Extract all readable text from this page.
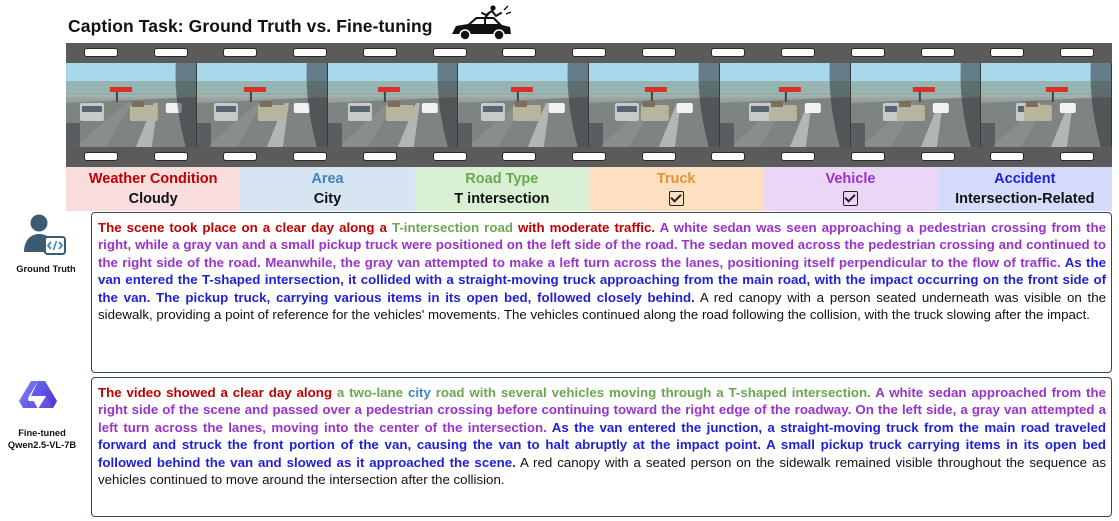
Caption Task: Ground Truth vs. Fine-tuning
Weather Condition
Cloudy
Area
City
Road Type
T intersection
Truck	Vehicle	Accident
Intersection-Related
Ground Truth
The scene took place on a clear day along a T-intersection road with moderate traffic. A white sedan was seen approaching a pedestrian crossing from the right, while a gray van and a small pickup truck were positioned on the left side of the road. The sedan moved across the pedestrian crossing and continued to the right side of the road. Meanwhile, the gray van attempted to make a left turn across the lanes, positioning itself perpendicular to the flow of traffic. As the van entered the T-shaped intersection, it collided with a straight-moving truck approaching from the main road, with the impact occurring on the front side of the van. The pickup truck, carrying various items in its open bed, followed closely behind. A red canopy with a person seated underneath was visible on the sidewalk, providing a point of reference for the vehicles' movements. The vehicles continued along the road following the collision, with the truck slowing after the impact.
Fine-tuned
Qwen2.5-VL-7B
The video showed a clear day along a two-lane city road with several vehicles moving through a T-shaped intersection. A white sedan approached from the right side of the scene and passed over a pedestrian crossing before continuing toward the right edge of the roadway. On the left side, a gray van attempted a left turn across the lanes, moving into the center of the intersection. As the van entered the junction, a straight-moving truck from the main road traveled forward and struck the front portion of the van, causing the van to halt abruptly at the impact point. A small pickup truck carrying items in its open bed followed behind the van and slowed as it approached the scene. A red canopy with a seated person on the sidewalk remained visible throughout the sequence as vehicles continued to move around the intersection after the collision.
